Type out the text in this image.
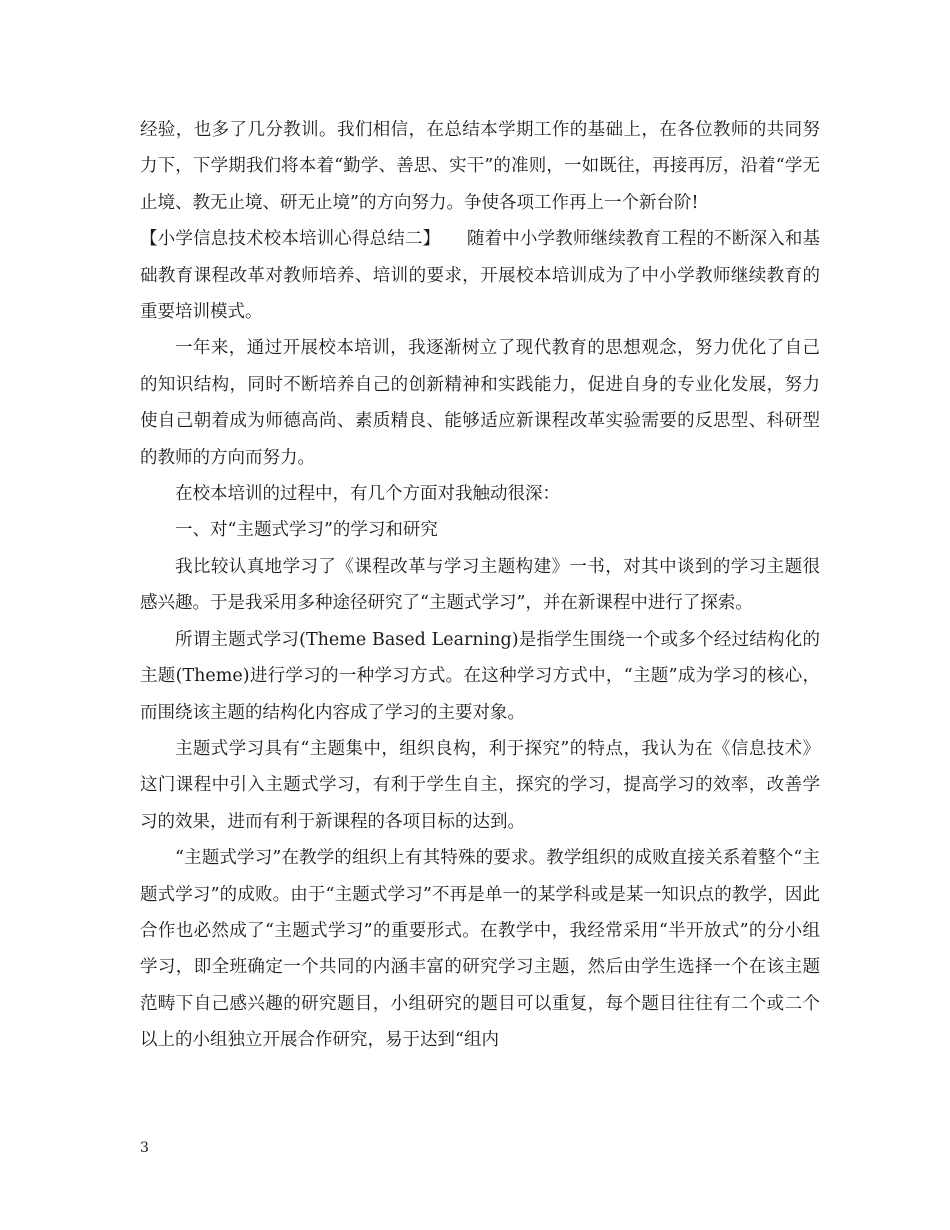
经验，也多了几分教训。我们相信，在总结本学期工作的基础上，在各位教师的共同努力下，下学期我们将本着“勤学、善思、实干”的准则，一如既往，再接再厉，沿着“学无止境、教无止境、研无止境”的方向努力。争使各项工作再上一个新台阶!

【小学信息技术校本培训心得总结二】　　随着中小学教师继续教育工程的不断深入和基础教育课程改革对教师培养、培训的要求，开展校本培训成为了中小学教师继续教育的重要培训模式。

一年来，通过开展校本培训，我逐渐树立了现代教育的思想观念，努力优化了自己的知识结构，同时不断培养自己的创新精神和实践能力，促进自身的专业化发展，努力使自己朝着成为师德高尚、素质精良、能够适应新课程改革实验需要的反思型、科研型的教师的方向而努力。

在校本培训的过程中，有几个方面对我触动很深：

一、对“主题式学习”的学习和研究

我比较认真地学习了《课程改革与学习主题构建》一书，对其中谈到的学习主题很感兴趣。于是我采用多种途径研究了“主题式学习”，并在新课程中进行了探索。

所谓主题式学习(Theme Based Learning)是指学生围绕一个或多个经过结构化的主题(Theme)进行学习的一种学习方式。在这种学习方式中，“主题”成为学习的核心，而围绕该主题的结构化内容成了学习的主要对象。

主题式学习具有“主题集中，组织良构，利于探究”的特点，我认为在《信息技术》这门课程中引入主题式学习，有利于学生自主，探究的学习，提高学习的效率，改善学习的效果，进而有利于新课程的各项目标的达到。

“主题式学习”在教学的组织上有其特殊的要求。教学组织的成败直接关系着整个“主题式学习”的成败。由于“主题式学习”不再是单一的某学科或是某一知识点的教学，因此合作也必然成了“主题式学习”的重要形式。在教学中，我经常采用“半开放式”的分小组学习，即全班确定一个共同的内涵丰富的研究学习主题，然后由学生选择一个在该主题范畴下自己感兴趣的研究题目，小组研究的题目可以重复，每个题目往往有二个或二个以上的小组独立开展合作研究，易于达到“组内

3
